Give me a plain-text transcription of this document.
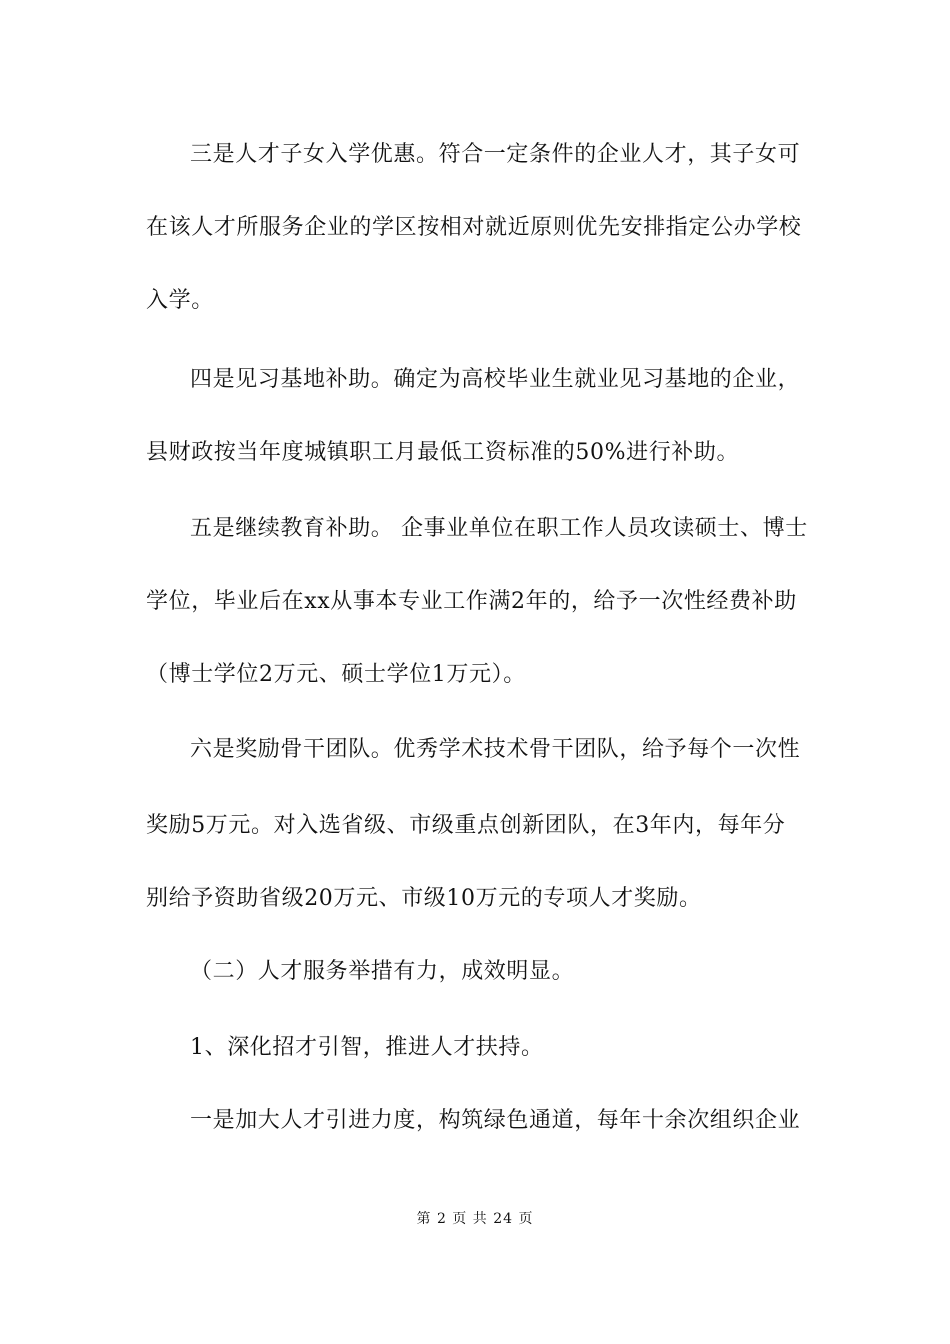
三是人才子女入学优惠。符合一定条件的企业人才，其子女可
在该人才所服务企业的学区按相对就近原则优先安排指定公办学校
入学。
四是见习基地补助。确定为高校毕业生就业见习基地的企业，
县财政按当年度城镇职工月最低工资标准的50%进行补助。
五是继续教育补助。 企事业单位在职工作人员攻读硕士、博士
学位，毕业后在xx从事本专业工作满2年的，给予一次性经费补助
（博士学位2万元、硕士学位1万元）。
六是奖励骨干团队。优秀学术技术骨干团队，给予每个一次性
奖励5万元。对入选省级、市级重点创新团队，在3年内，每年分
别给予资助省级20万元、市级10万元的专项人才奖励。
（二）人才服务举措有力，成效明显。
1、深化招才引智，推进人才扶持。
一是加大人才引进力度，构筑绿色通道，每年十余次组织企业
第 2 页 共 24 页
